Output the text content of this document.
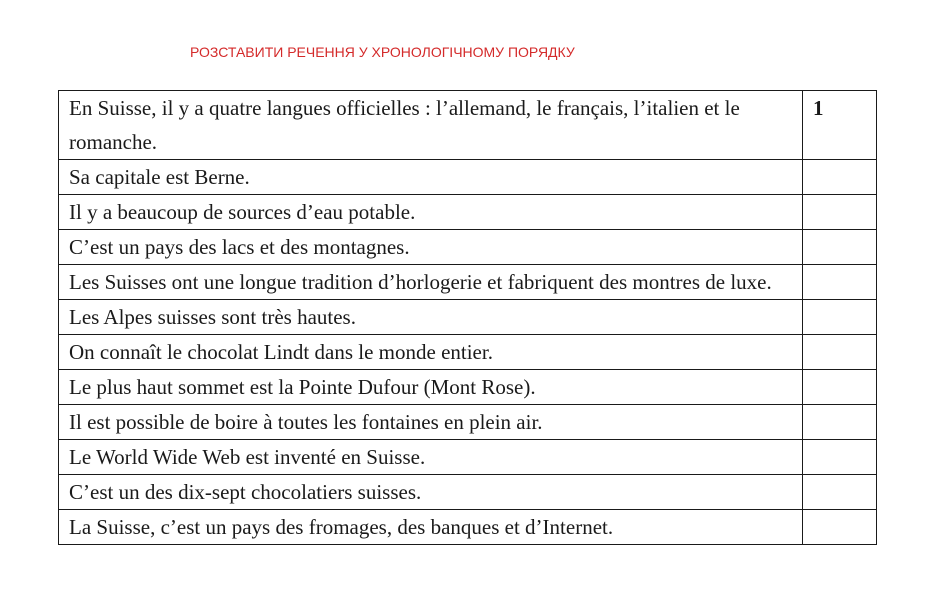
РОЗСТАВИТИ РЕЧЕННЯ У ХРОНОЛОГІЧНОМУ ПОРЯДКУ
En Suisse, il y a quatre langues officielles : l’allemand, le français, l’italien et le romanche.	1
Sa capitale est Berne.	
Il y a beaucoup de sources d’eau potable.	
C’est un pays des lacs et des montagnes.	
Les Suisses ont une longue tradition d’horlogerie et fabriquent des montres de luxe.	
Les Alpes suisses sont très hautes.	
On connaît le chocolat Lindt dans le monde entier.	
Le plus haut sommet est la Pointe Dufour (Mont Rose).	
Il est possible de boire à toutes les fontaines en plein air.	
Le World Wide Web est inventé en Suisse.	
C’est un des dix-sept chocolatiers suisses.	
La Suisse, c’est un pays des fromages, des banques et d’Internet.	
